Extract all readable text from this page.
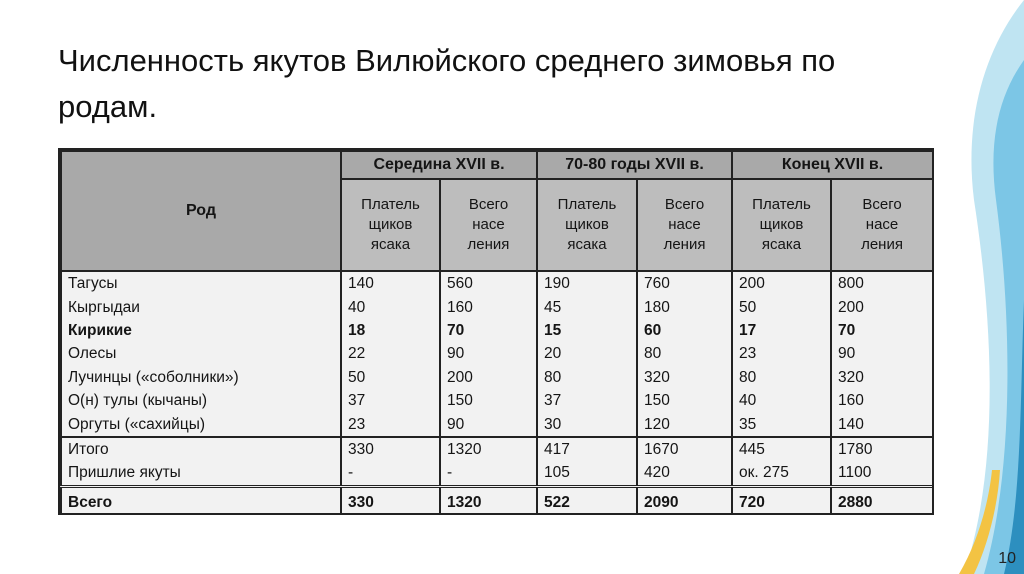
Численность якутов Вилюйского среднего зимовья по родам.
Род	Середина XVII в.		70-80 годы XVII в.		Конец XVII в.	

	Платель
щиков
ясака	Всего
насе
ления	Платель
щиков
ясака	Всего
насе
ления	Платель
щиков
ясака	Всего
насе
ления

Тагусы	140	560	190	760	200	800
Кыргыдаи	40	160	45	180	50	200
Кирикие	18	70	15	60	17	70
Олесы	22	90	20	80	23	90
Лучинцы («соболники»)	50	200	80	320	80	320
О(н) тулы (кычаны)	37	150	37	150	40	160
Оргуты («сахийцы)	23	90	30	120	35	140
Итого	330	1320	417	1670	445	1780
Пришлие якуты	-	-	105	420	ок. 275	1100
Всего	330	1320	522	2090	720	2880
10
